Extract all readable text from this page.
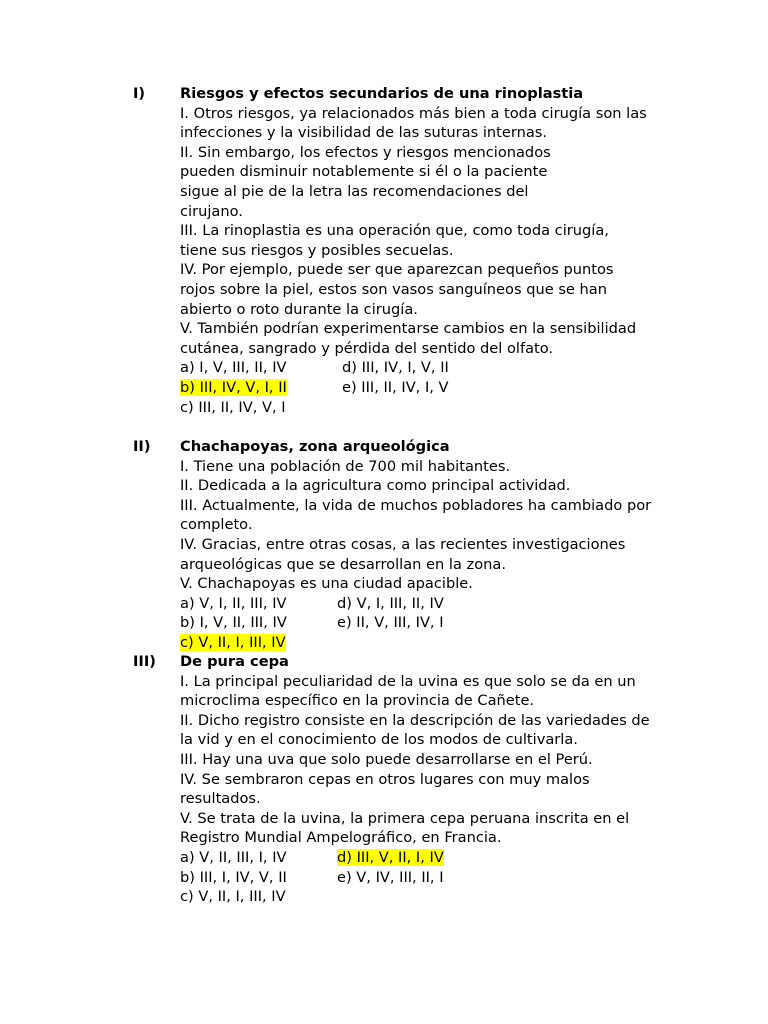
I) Riesgos y efectos secundarios de una rinoplastia
I. Otros riesgos, ya relacionados más bien a toda cirugía son las infecciones y la visibilidad de las suturas internas.
II. Sin embargo, los efectos y riesgos mencionados pueden disminuir notablemente si él o la paciente sigue al pie de la letra las recomendaciones del cirujano.
III. La rinoplastia es una operación que, como toda cirugía, tiene sus riesgos y posibles secuelas.
IV. Por ejemplo, puede ser que aparezcan pequeños puntos rojos sobre la piel, estos son vasos sanguíneos que se han abierto o roto durante la cirugía.
V. También podrían experimentarse cambios en la sensibilidad cutánea, sangrado y pérdida del sentido del olfato.
a) I, V, III, II, IV	d) III, IV, I, V, II
b) III, IV, V, I, II	e) III, II, IV, I, V
c) III, II, IV, V, I
II) Chachapoyas, zona arqueológica
I. Tiene una población de 700 mil habitantes.
II. Dedicada a la agricultura como principal actividad.
III. Actualmente, la vida de muchos pobladores ha cambiado por completo.
IV. Gracias, entre otras cosas, a las recientes investigaciones arqueológicas que se desarrollan en la zona.
V. Chachapoyas es una ciudad apacible.
a) V, I, II, III, IV	d) V, I, III, II, IV
b) I, V, II, III, IV	e) II, V, III, IV, I
c) V, II, I, III, IV
III) De pura cepa
I. La principal peculiaridad de la uvina es que solo se da en un microclima específico en la provincia de Cañete.
II. Dicho registro consiste en la descripción de las variedades de la vid y en el conocimiento de los modos de cultivarla.
III. Hay una uva que solo puede desarrollarse en el Perú.
IV. Se sembraron cepas en otros lugares con muy malos resultados.
V. Se trata de la uvina, la primera cepa peruana inscrita en el Registro Mundial Ampelográfico, en Francia.
a) V, II, III, I, IV	d) III, V, II, I, IV
b) III, I, IV, V, II	e) V, IV, III, II, I
c) V, II, I, III, IV
